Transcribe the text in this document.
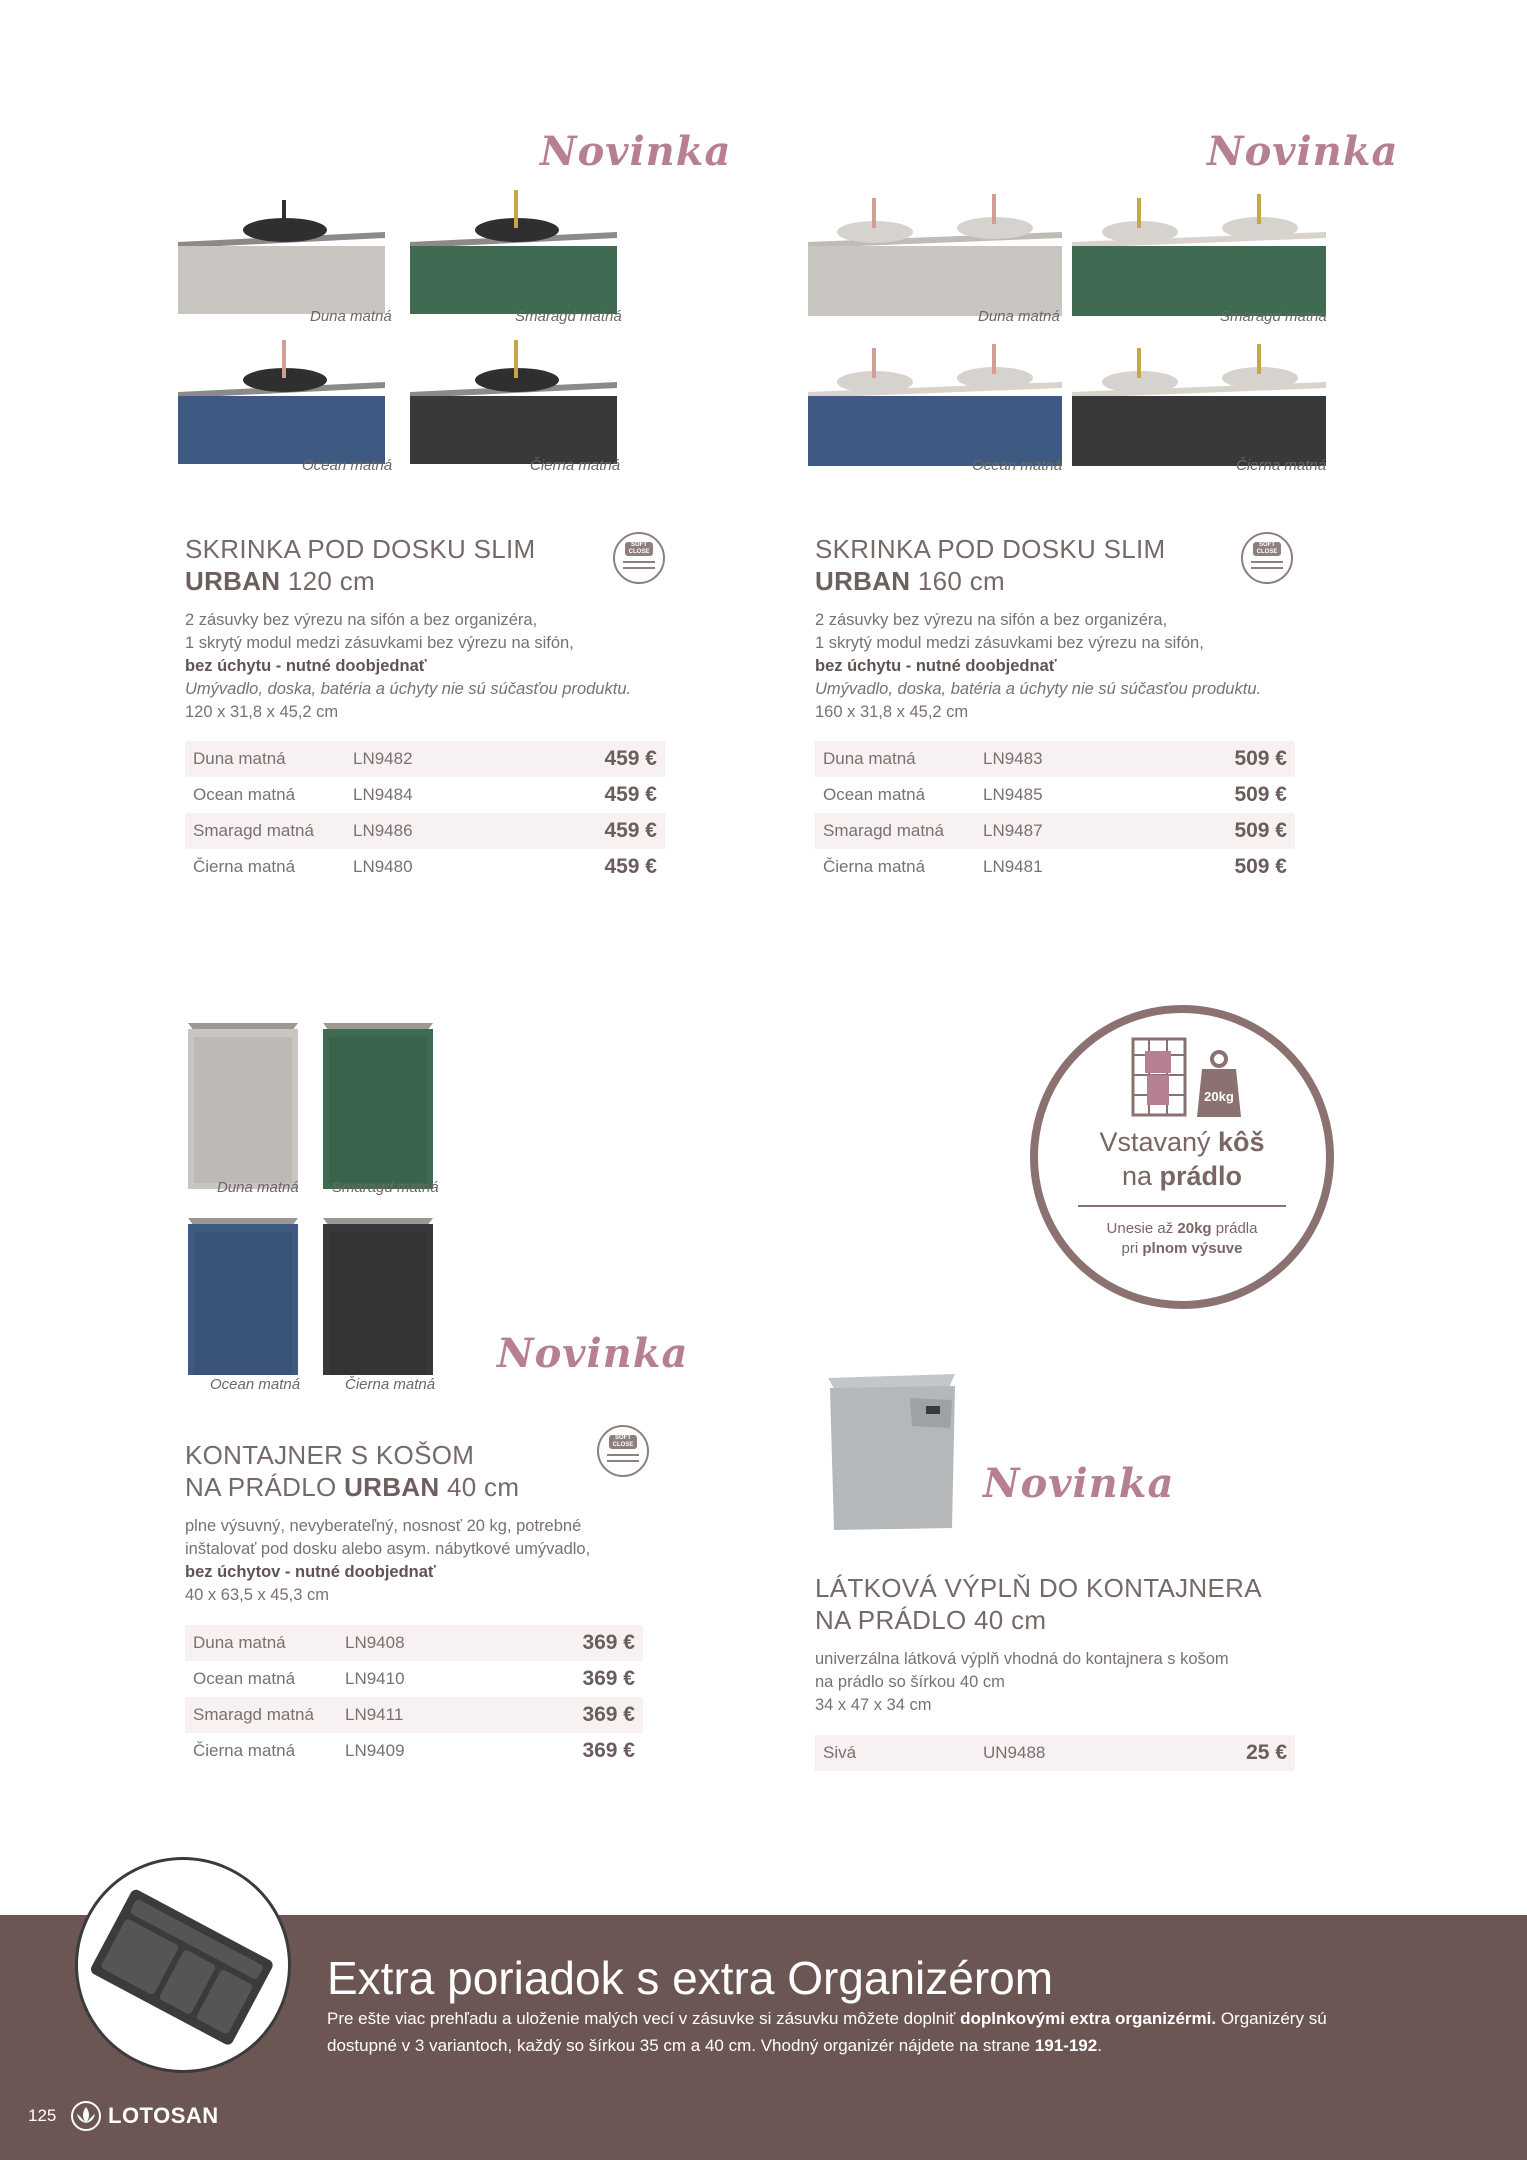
Novinka
Duna matná	Smaragd matná
Ocean matná	Čierna matná
SOFT CLOSE
SKRINKA POD DOSKU SLIM
URBAN 120 cm
2 zásuvky bez výrezu na sifón a bez organizéra,
1 skrytý modul medzi zásuvkami bez výrezu na sifón,
bez úchytu - nutné doobjednať
Umývadlo, doska, batéria a úchyty nie sú súčasťou produktu.
120 x 31,8 x 45,2 cm
Duna matná	LN9482	459 €
Ocean matná	LN9484	459 €
Smaragd matná	LN9486	459 €
Čierna matná	LN9480	459 €
Novinka
Duna matná	Smaragd matná
Ocean matná	Čierna matná
SOFT CLOSE
SKRINKA POD DOSKU SLIM
URBAN 160 cm
2 zásuvky bez výrezu na sifón a bez organizéra,
1 skrytý modul medzi zásuvkami bez výrezu na sifón,
bez úchytu - nutné doobjednať
Umývadlo, doska, batéria a úchyty nie sú súčasťou produktu.
160 x 31,8 x 45,2 cm
Duna matná	LN9483	509 €
Ocean matná	LN9485	509 €
Smaragd matná	LN9487	509 €
Čierna matná	LN9481	509 €
Duna matná Smaragd matná
Ocean matná	Čierna matná
Novinka
SOFT CLOSE
KONTAJNER S KOŠOM
NA PRÁDLO URBAN 40 cm
plne výsuvný, nevyberateľný, nosnosť 20 kg, potrebné
inštalovať pod dosku alebo asym. nábytkové umývadlo,
bez úchytov - nutné doobjednať
40 x 63,5 x 45,3 cm
Duna matná	LN9408	369 €
Ocean matná	LN9410	369 €
Smaragd matná	LN9411	369 €
Čierna matná	LN9409	369 €
20kg
Vstavaný kôš
na prádlo
Unesie až 20kg prádla
pri plnom výsuve
Novinka
LÁTKOVÁ VÝPLŇ DO KONTAJNERA
NA PRÁDLO 40 cm
univerzálna látková výplň vhodná do kontajnera s košom
na prádlo so šírkou 40 cm
34 x 47 x 34 cm
Sivá	UN9488	25 €
Extra poriadok s extra Organizérom
Pre ešte viac prehľadu a uloženie malých vecí v zásuvke si zásuvku môžete doplniť doplnkovými extra organizérmi. Organizéry sú
dostupné v 3 variantoch, každý so šírkou 35 cm a 40 cm. Vhodný organizér nájdete na strane 191-192.
125 LOTOSAN
